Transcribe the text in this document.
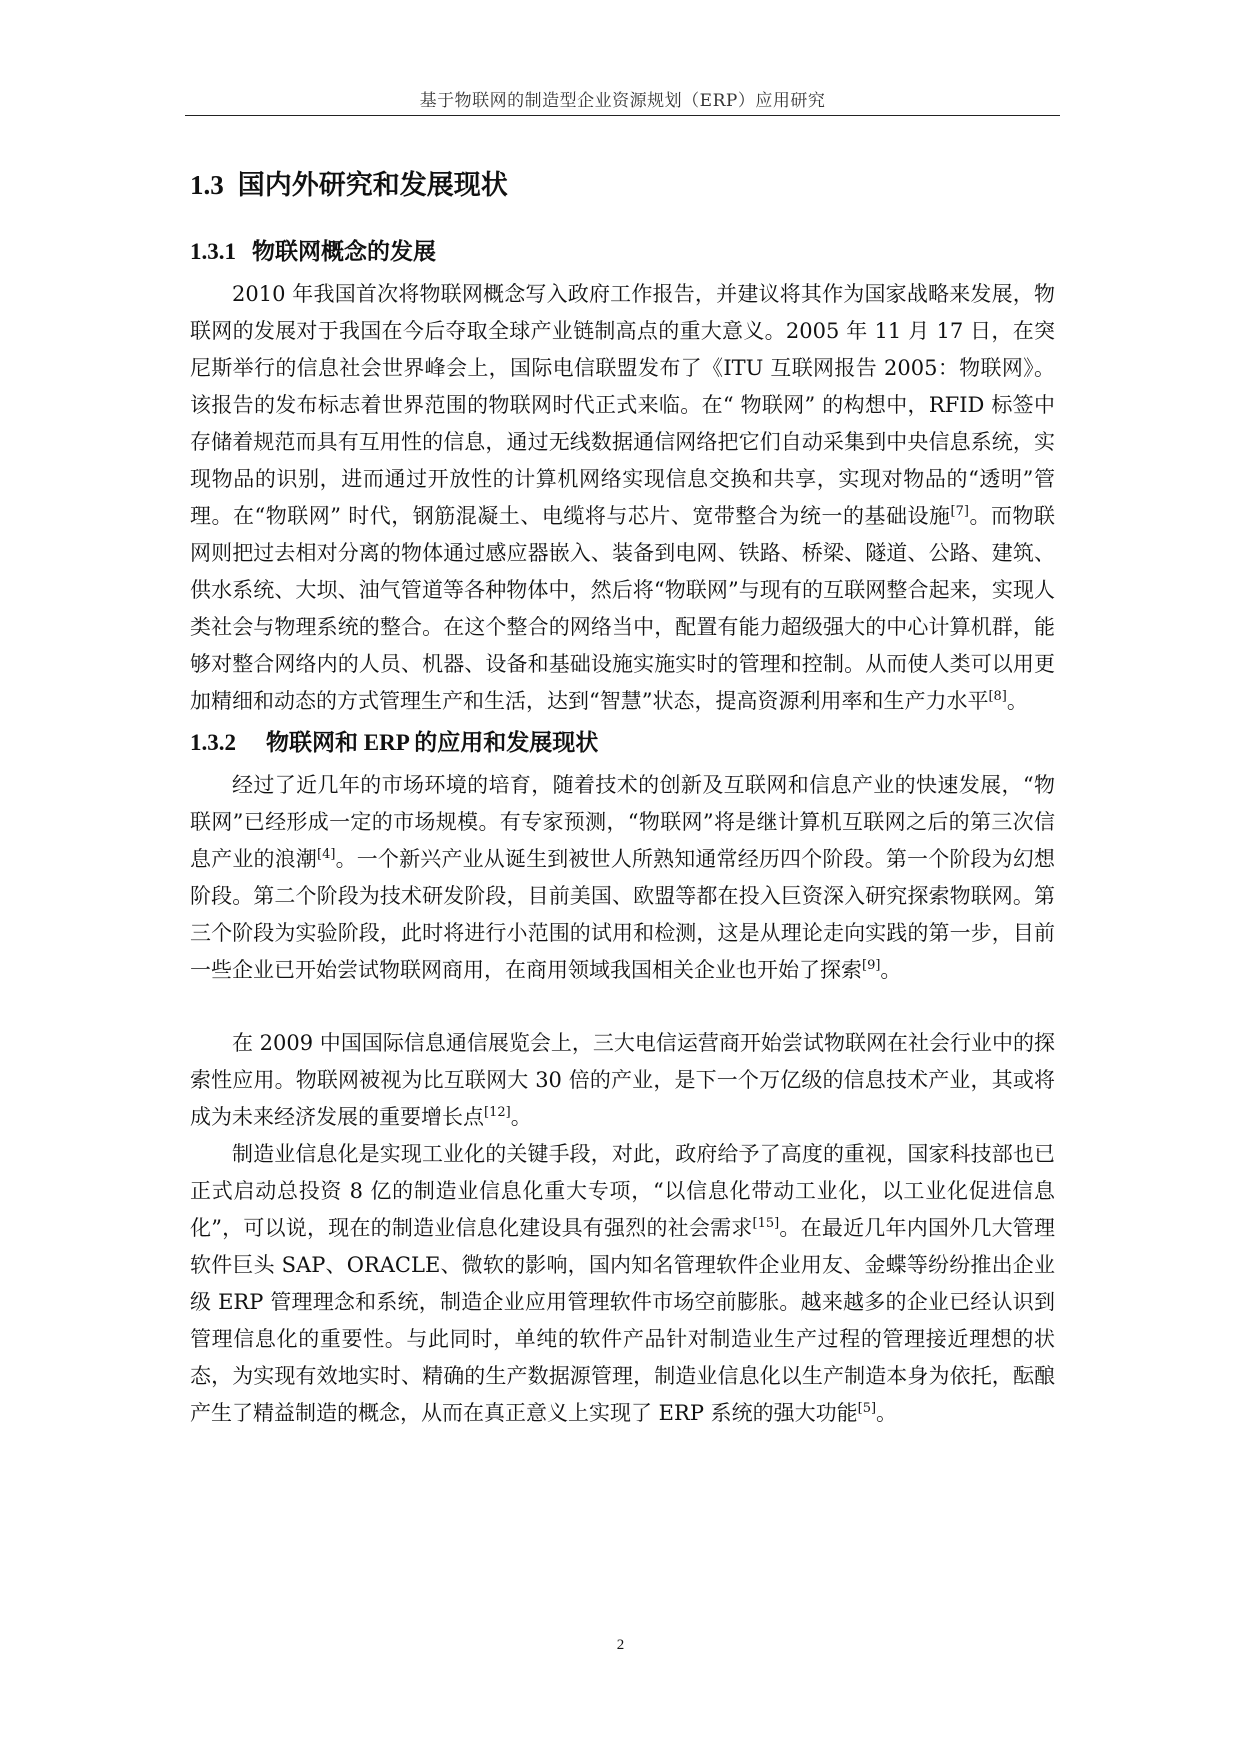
基于物联网的制造型企业资源规划（ERP）应用研究
1.3 国内外研究和发展现状
1.3.1 物联网概念的发展

2010 年我国首次将物联网概念写入政府工作报告，并建议将其作为国家战略来发展，物联网的发展对于我国在今后夺取全球产业链制高点的重大意义。2005 年 11 月 17 日，在突尼斯举行的信息社会世界峰会上，国际电信联盟发布了《ITU 互联网报告 2005：物联网》。该报告的发布标志着世界范围的物联网时代正式来临。在“ 物联网” 的构想中，RFID 标签中存储着规范而具有互用性的信息，通过无线数据通信网络把它们自动采集到中央信息系统，实现物品的识别，进而通过开放性的计算机网络实现信息交换和共享，实现对物品的“透明”管理。在“物联网” 时代，钢筋混凝土、电缆将与芯片、宽带整合为统一的基础设施[7]。而物联网则把过去相对分离的物体通过感应器嵌入、装备到电网、铁路、桥梁、隧道、公路、建筑、供水系统、大坝、油气管道等各种物体中，然后将“物联网”与现有的互联网整合起来，实现人类社会与物理系统的整合。在这个整合的网络当中，配置有能力超级强大的中心计算机群，能够对整合网络内的人员、机器、设备和基础设施实施实时的管理和控制。从而使人类可以用更加精细和动态的方式管理生产和生活，达到“智慧”状态，提高资源利用率和生产力水平[8]。

1.3.2 物联网和 ERP 的应用和发展现状

经过了近几年的市场环境的培育，随着技术的创新及互联网和信息产业的快速发展，“物联网”已经形成一定的市场规模。有专家预测，“物联网”将是继计算机互联网之后的第三次信息产业的浪潮[4]。一个新兴产业从诞生到被世人所熟知通常经历四个阶段。第一个阶段为幻想阶段。第二个阶段为技术研发阶段，目前美国、欧盟等都在投入巨资深入研究探索物联网。第三个阶段为实验阶段，此时将进行小范围的试用和检测，这是从理论走向实践的第一步，目前一些企业已开始尝试物联网商用，在商用领域我国相关企业也开始了探索[9]。

在 2009 中国国际信息通信展览会上，三大电信运营商开始尝试物联网在社会行业中的探索性应用。物联网被视为比互联网大 30 倍的产业，是下一个万亿级的信息技术产业，其或将成为未来经济发展的重要增长点[12]。

制造业信息化是实现工业化的关键手段，对此，政府给予了高度的重视，国家科技部也已正式启动总投资 8 亿的制造业信息化重大专项，“以信息化带动工业化，以工业化促进信息化”，可以说，现在的制造业信息化建设具有强烈的社会需求[15]。在最近几年内国外几大管理软件巨头 SAP、ORACLE、微软的影响，国内知名管理软件企业用友、金蝶等纷纷推出企业级 ERP 管理理念和系统，制造企业应用管理软件市场空前膨胀。越来越多的企业已经认识到管理信息化的重要性。与此同时，单纯的软件产品针对制造业生产过程的管理接近理想的状态，为实现有效地实时、精确的生产数据源管理，制造业信息化以生产制造本身为依托，酝酿产生了精益制造的概念，从而在真正意义上实现了 ERP 系统的强大功能[5]。

2
